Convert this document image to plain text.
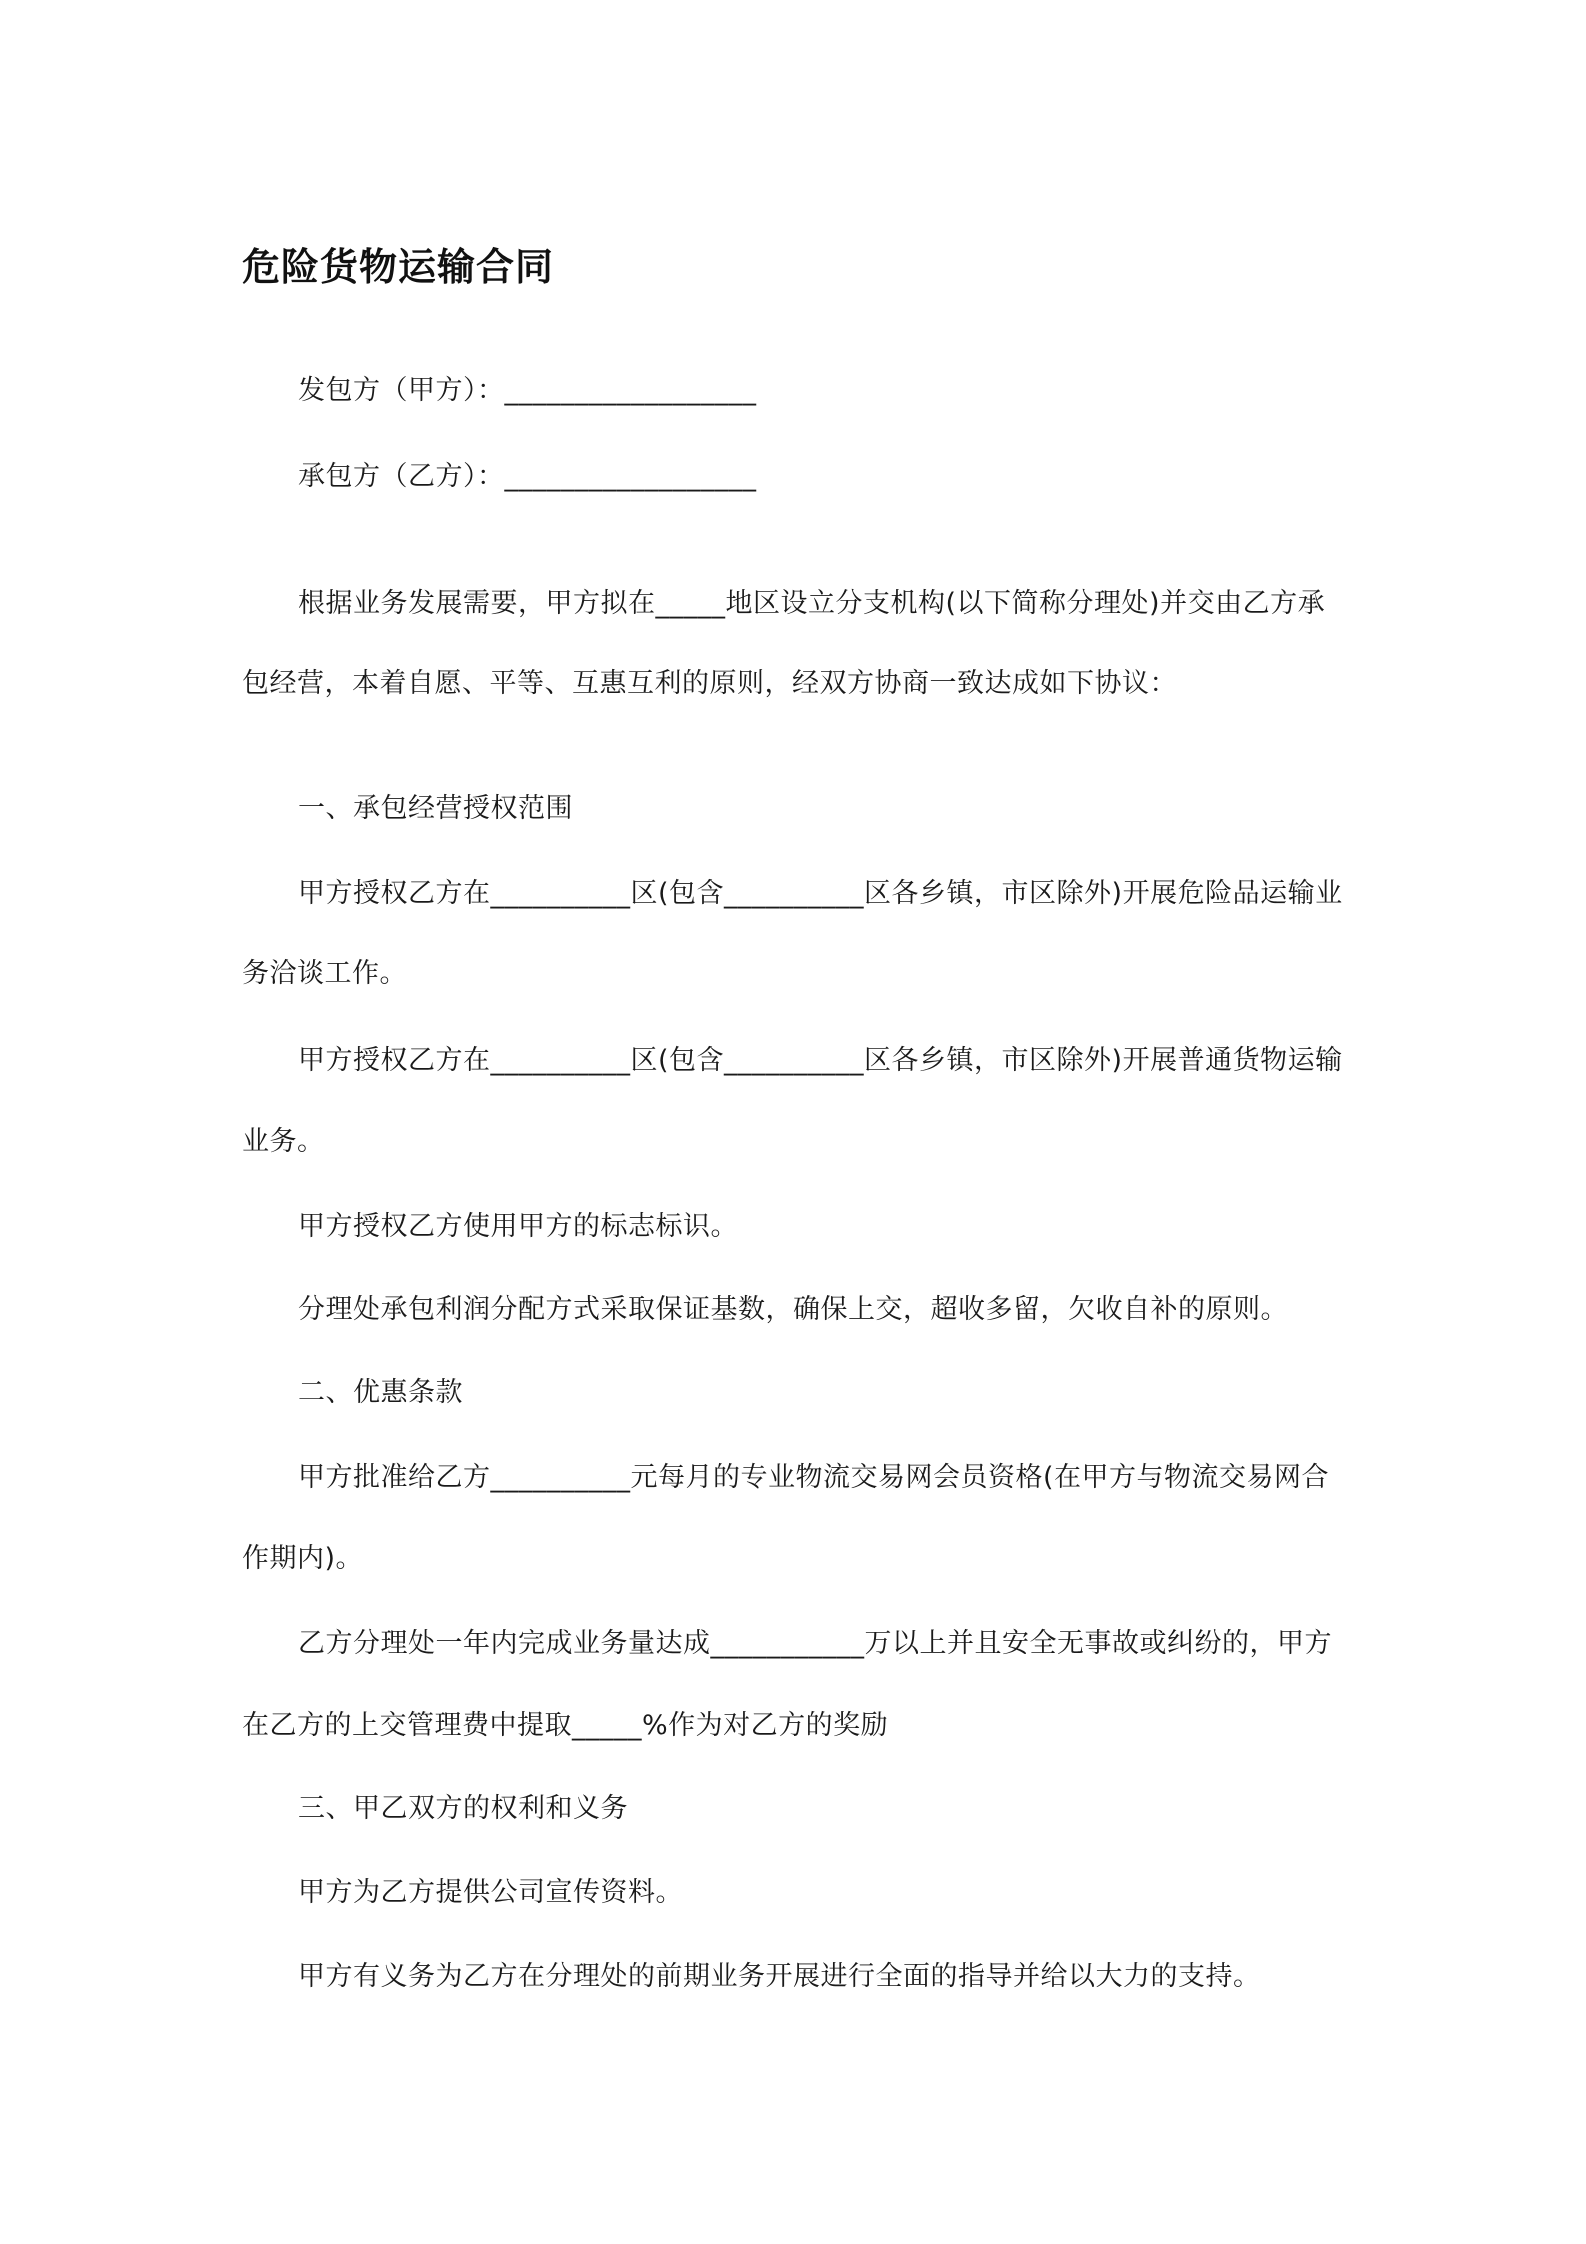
危险货物运输合同
发包方（甲方）：__________________
承包方（乙方）：__________________
根据业务发展需要，甲方拟在_____地区设立分支机构(以下简称分理处)并交由乙方承
包经营，本着自愿、平等、互惠互利的原则，经双方协商一致达成如下协议：
一、承包经营授权范围
甲方授权乙方在__________区(包含__________区各乡镇，市区除外)开展危险品运输业
务洽谈工作。
甲方授权乙方在__________区(包含__________区各乡镇，市区除外)开展普通货物运输
业务。
甲方授权乙方使用甲方的标志标识。
分理处承包利润分配方式采取保证基数，确保上交，超收多留，欠收自补的原则。
二、优惠条款
甲方批准给乙方__________元每月的专业物流交易网会员资格(在甲方与物流交易网合
作期内)。
乙方分理处一年内完成业务量达成___________万以上并且安全无事故或纠纷的，甲方
在乙方的上交管理费中提取_____%作为对乙方的奖励
三、甲乙双方的权利和义务
甲方为乙方提供公司宣传资料。
甲方有义务为乙方在分理处的前期业务开展进行全面的指导并给以大力的支持。
